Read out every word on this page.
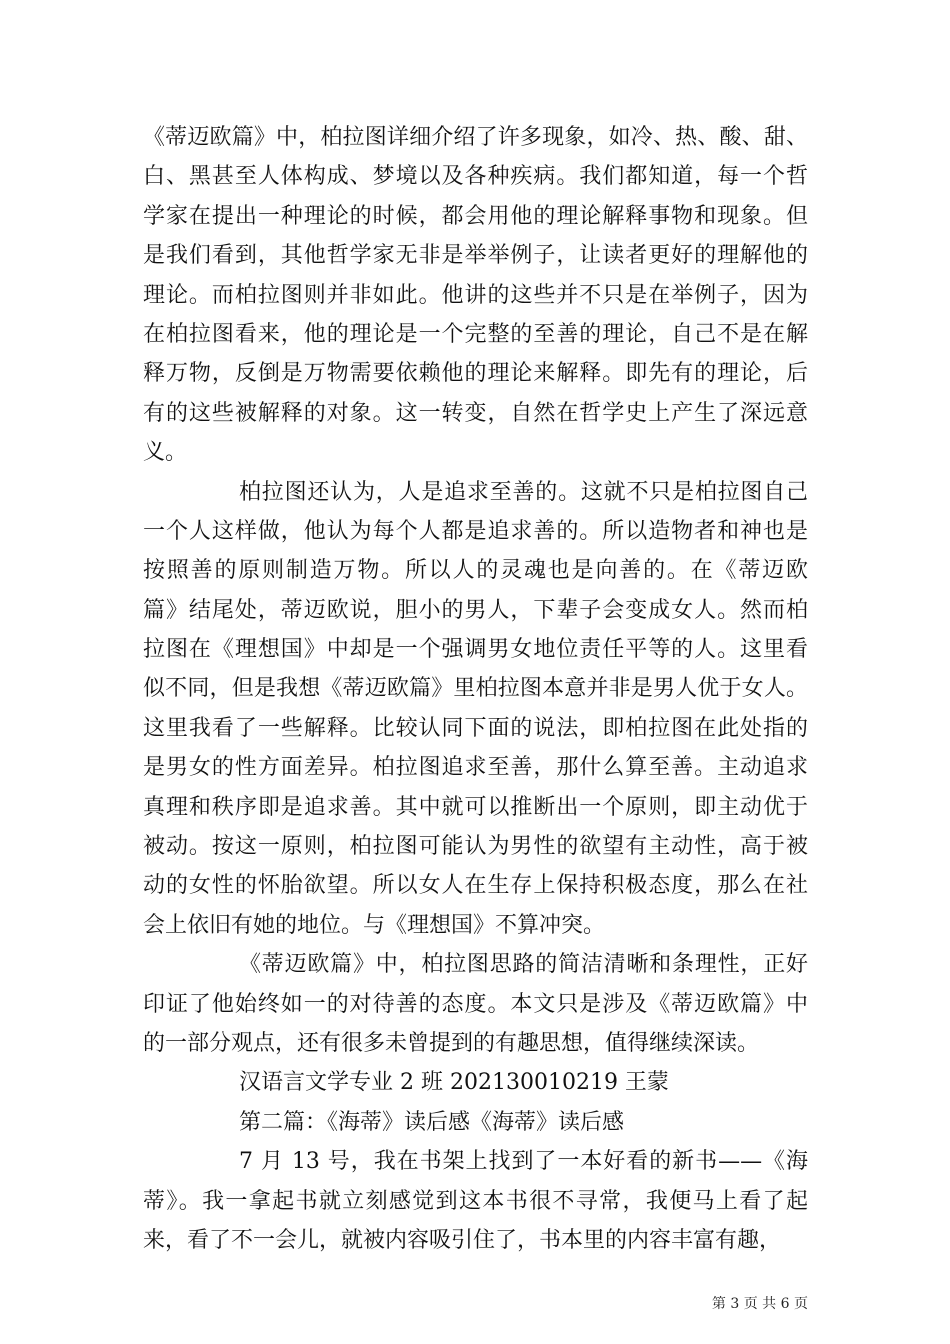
《蒂迈欧篇》中，柏拉图详细介绍了许多现象，如冷、热、酸、甜、
白、黑甚至人体构成、梦境以及各种疾病。我们都知道，每一个哲
学家在提出一种理论的时候，都会用他的理论解释事物和现象。但
是我们看到，其他哲学家无非是举举例子，让读者更好的理解他的
理论。而柏拉图则并非如此。他讲的这些并不只是在举例子，因为
在柏拉图看来，他的理论是一个完整的至善的理论，自己不是在解
释万物，反倒是万物需要依赖他的理论来解释。即先有的理论，后
有的这些被解释的对象。这一转变，自然在哲学史上产生了深远意
义。
柏拉图还认为，人是追求至善的。这就不只是柏拉图自己
一个人这样做，他认为每个人都是追求善的。所以造物者和神也是
按照善的原则制造万物。所以人的灵魂也是向善的。在《蒂迈欧
篇》结尾处，蒂迈欧说，胆小的男人，下辈子会变成女人。然而柏
拉图在《理想国》中却是一个强调男女地位责任平等的人。这里看
似不同，但是我想《蒂迈欧篇》里柏拉图本意并非是男人优于女人。
这里我看了一些解释。比较认同下面的说法，即柏拉图在此处指的
是男女的性方面差异。柏拉图追求至善，那什么算至善。主动追求
真理和秩序即是追求善。其中就可以推断出一个原则，即主动优于
被动。按这一原则，柏拉图可能认为男性的欲望有主动性，高于被
动的女性的怀胎欲望。所以女人在生存上保持积极态度，那么在社
会上依旧有她的地位。与《理想国》不算冲突。
《蒂迈欧篇》中，柏拉图思路的简洁清晰和条理性，正好
印证了他始终如一的对待善的态度。本文只是涉及《蒂迈欧篇》中
的一部分观点，还有很多未曾提到的有趣思想，值得继续深读。
汉语言文学专业 2 班 202130010219 王蒙
第二篇：《海蒂》读后感《海蒂》读后感
7 月 13 号，我在书架上找到了一本好看的新书——《海
蒂》。我一拿起书就立刻感觉到这本书很不寻常，我便马上看了起
来，看了不一会儿，就被内容吸引住了，书本里的内容丰富有趣，
第 3 页 共 6 页
